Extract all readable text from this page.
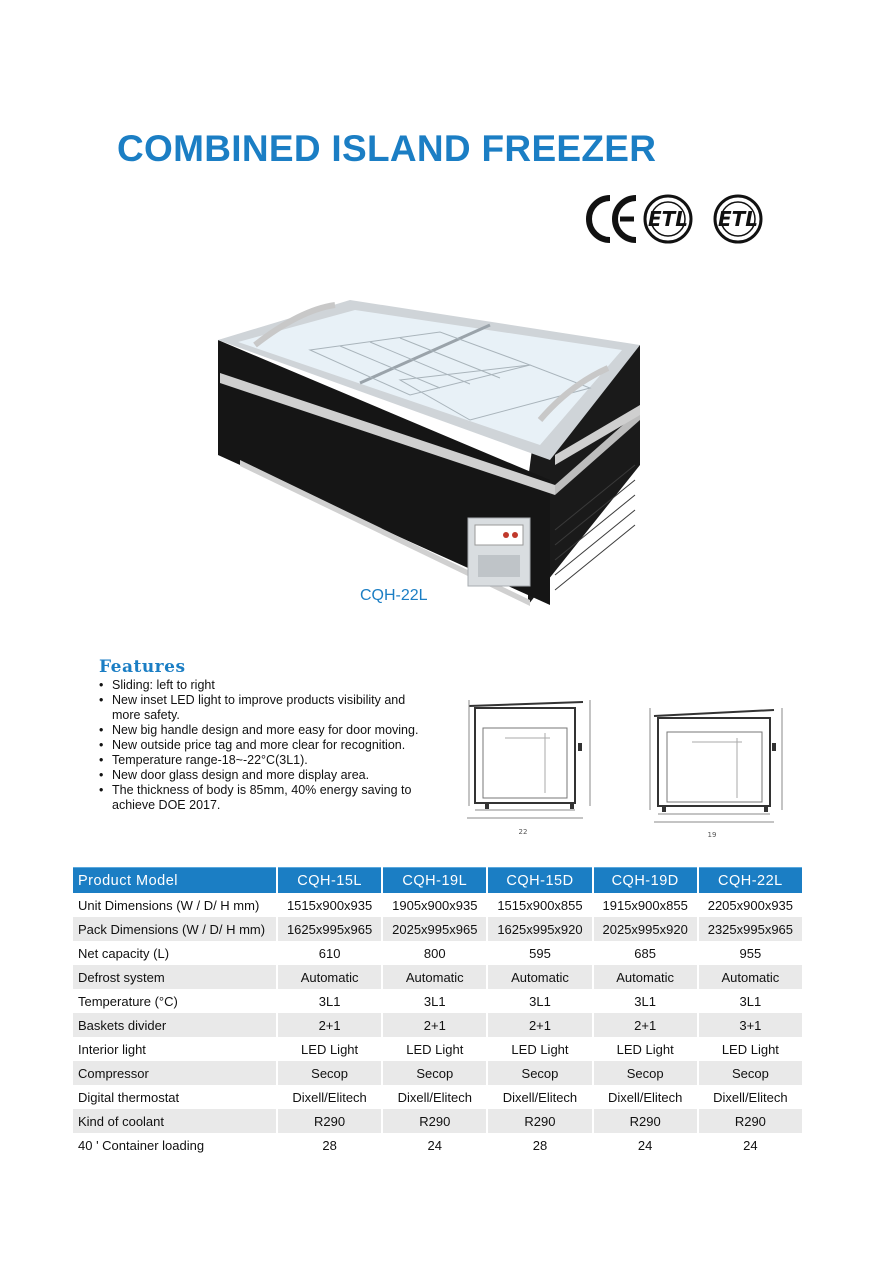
COMBINED ISLAND FREEZER
ETL ETL
CQH-22L
Features
• Sliding: left to right
• New inset LED light to improve products visibility and more safety.
• New big handle design and more easy for door moving.
• New outside price tag and more clear for recognition.
• Temperature range-18~-22°C(3L1).
• New door glass design and more display area.
• The thickness of body is 85mm, 40% energy saving to achieve DOE 2017.
22	19
Product Model	CQH-15L	CQH-19L	CQH-15D	CQH-19D	CQH-22L
Unit Dimensions (W / D/ H mm)	1515x900x935	1905x900x935	1515x900x855	1915x900x855	2205x900x935
Pack Dimensions (W / D/ H mm)	1625x995x965	2025x995x965	1625x995x920	2025x995x920	2325x995x965
Net capacity (L)	610	800	595	685	955
Defrost system	Automatic	Automatic	Automatic	Automatic	Automatic
Temperature (°C)	3L1	3L1	3L1	3L1	3L1
Baskets divider	2+1	2+1	2+1	2+1	3+1
Interior light	LED Light	LED Light	LED Light	LED Light	LED Light
Compressor	Secop	Secop	Secop	Secop	Secop
Digital thermostat	Dixell/Elitech	Dixell/Elitech	Dixell/Elitech	Dixell/Elitech	Dixell/Elitech
Kind of coolant	R290	R290	R290	R290	R290
40 ' Container loading	28	24	28	24	24
